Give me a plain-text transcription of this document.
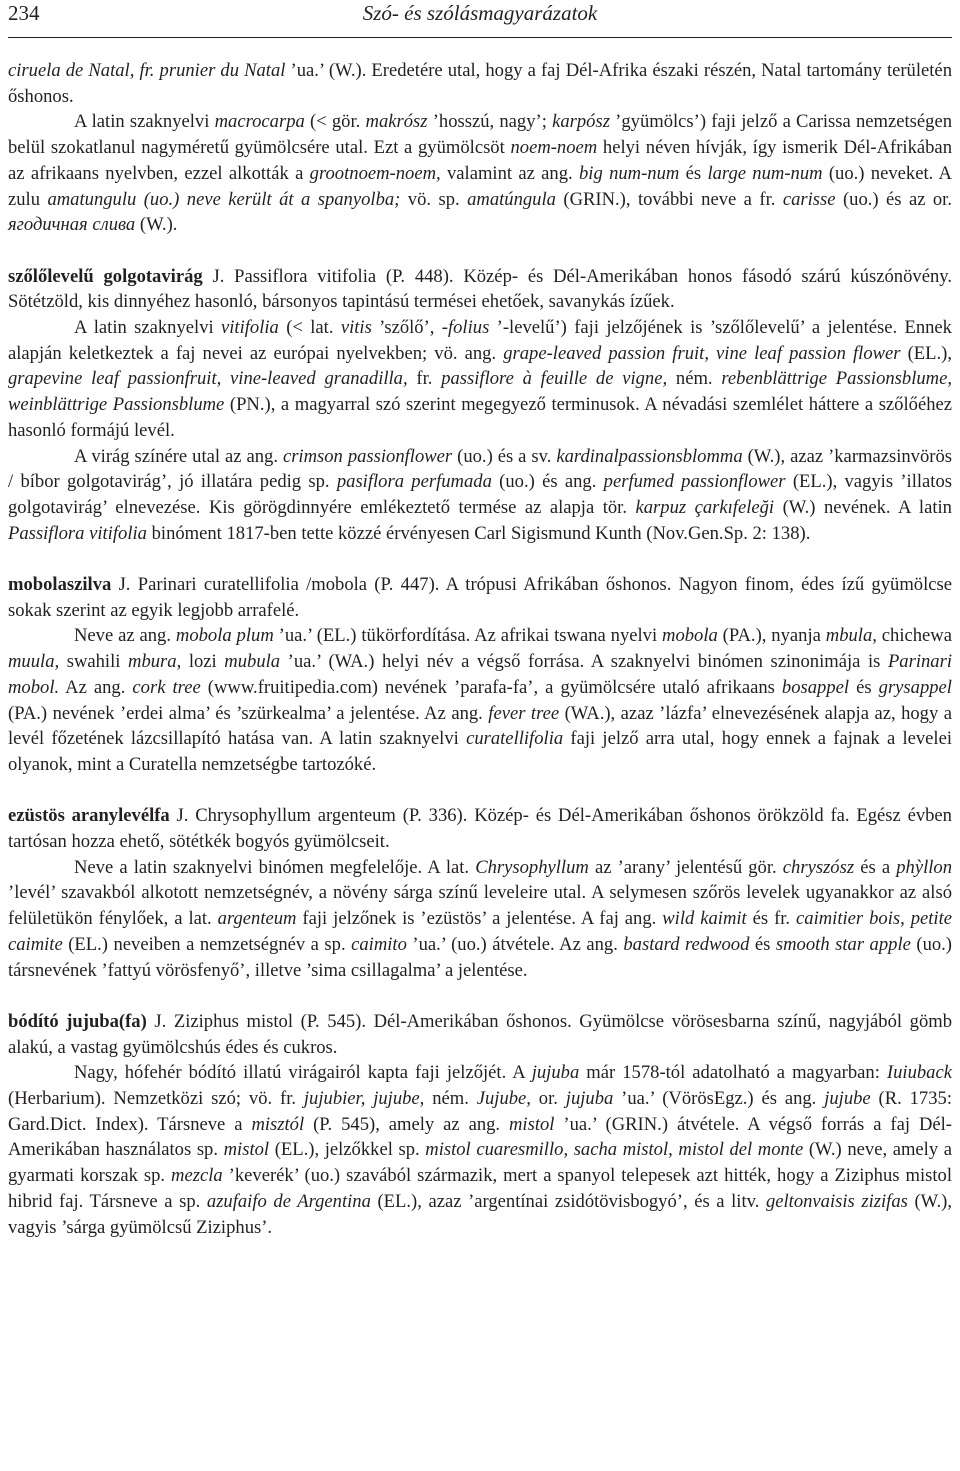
234	Szó- és szólásmagyarázatok

ciruela de Natal, fr. prunier du Natal ’ua.’ (W.). Eredetére utal, hogy a faj Dél-Afrika északi részén, Natal tartomány területén őshonos.

A latin szaknyelvi macrocarpa (< gör. makrósz ’hosszú, nagy’; karpósz ’gyümölcs’) faji jelző a Carissa nemzetségen belül szokatlanul nagyméretű gyümölcsére utal. Ezt a gyümölcsöt noem-noem helyi néven hívják, így ismerik Dél-Afrikában az afrikaans nyelvben, ezzel alkották a grootnoem-noem, valamint az ang. big num-num és large num-num (uo.) neveket. A zulu amatungulu (uo.) neve került át a spanyolba; vö. sp. amatúngula (GRIN.), további neve a fr. carisse (uo.) és az or. ягодичная слива (W.).

szőlőlevelű golgotavirág J. Passiflora vitifolia (P. 448). Közép- és Dél-Amerikában honos fásodó szárú kúszónövény. Sötétzöld, kis dinnyéhez hasonló, bársonyos tapintású termései ehetőek, savanykás ízűek.

A latin szaknyelvi vitifolia (< lat. vitis ’szőlő’, -folius ’-levelű’) faji jelzőjének is ’szőlőlevelű’ a jelentése. Ennek alapján keletkeztek a faj nevei az európai nyelvekben; vö. ang. grape-leaved passion fruit, vine leaf passion flower (EL.), grapevine leaf passionfruit, vine-leaved granadilla, fr. passiflore à feuille de vigne, ném. rebenblättrige Passionsblume, weinblättrige Passionsblume (PN.), a magyarral szó szerint megegyező terminusok. A névadási szemlélet háttere a szőlőéhez hasonló formájú levél.

A virág színére utal az ang. crimson passionflower (uo.) és a sv. kardinalpassionsblomma (W.), azaz ’karmazsinvörös / bíbor golgotavirág’, jó illatára pedig sp. pasiflora perfumada (uo.) és ang. perfumed passionflower (EL.), vagyis ’illatos golgotavirág’ elnevezése. Kis görögdinnyére emlékeztető termése az alapja tör. karpuz çarkıfeleği (W.) nevének. A latin Passiflora vitifolia binóment 1817-ben tette közzé érvényesen Carl Sigismund Kunth (Nov.Gen.Sp. 2: 138).

mobolaszilva J. Parinari curatellifolia /mobola (P. 447). A trópusi Afrikában őshonos. Nagyon finom, édes ízű gyümölcse sokak szerint az egyik legjobb arrafelé.

Neve az ang. mobola plum ’ua.’ (EL.) tükörfordítása. Az afrikai tswana nyelvi mobola (PA.), nyanja mbula, chichewa muula, swahili mbura, lozi mubula ’ua.’ (WA.) helyi név a végső forrása. A szaknyelvi binómen szinonimája is Parinari mobol. Az ang. cork tree (www.fruitipedia.com) nevének ’parafa-fa’, a gyümölcsére utaló afrikaans bosappel és grysappel (PA.) nevének ’erdei alma’ és ’szürkealma’ a jelentése. Az ang. fever tree (WA.), azaz ’lázfa’ elnevezésének alapja az, hogy a levél főzetének lázcsillapító hatása van. A latin szaknyelvi curatellifolia faji jelző arra utal, hogy ennek a fajnak a levelei olyanok, mint a Curatella nemzetségbe tartozóké.

ezüstös aranylevélfa J. Chrysophyllum argenteum (P. 336). Közép- és Dél-Amerikában őshonos örökzöld fa. Egész évben tartósan hozza ehető, sötétkék bogyós gyümölcseit.

Neve a latin szaknyelvi binómen megfelelője. A lat. Chrysophyllum az ’arany’ jelentésű gör. chryszósz és a phỳllon ’levél’ szavakból alkotott nemzetségnév, a növény sárga színű leveleire utal. A selymesen szőrös levelek ugyanakkor az alsó felületükön fénylőek, a lat. argenteum faji jelzőnek is ’ezüstös’ a jelentése. A faj ang. wild kaimit és fr. caimitier bois, petite caimite (EL.) neveiben a nemzetségnév a sp. caimito ’ua.’ (uo.) átvétele. Az ang. bastard redwood és smooth star apple (uo.) társnevének ’fattyú vörösfenyő’, illetve ’sima csillagalma’ a jelentése.

bódító jujuba(fa) J. Ziziphus mistol (P. 545). Dél-Amerikában őshonos. Gyümölcse vörösesbarna színű, nagyjából gömb alakú, a vastag gyümölcshús édes és cukros.

Nagy, hófehér bódító illatú virágairól kapta faji jelzőjét. A jujuba már 1578-tól adatolható a magyarban: Iuiuback (Herbarium). Nemzetközi szó; vö. fr. jujubier, jujube, ném. Jujube, or. jujuba ’ua.’ (VörösEgz.) és ang. jujube (R. 1735: Gard.Dict. Index). Társneve a misztól (P. 545), amely az ang. mistol ’ua.’ (GRIN.) átvétele. A végső forrás a faj Dél-Amerikában használatos sp. mistol (EL.), jelzőkkel sp. mistol cuaresmillo, sacha mistol, mistol del monte (W.) neve, amely a gyarmati korszak sp. mezcla ’keverék’ (uo.) szavából származik, mert a spanyol telepesek azt hitték, hogy a Ziziphus mistol hibrid faj. Társneve a sp. azufaifo de Argentina (EL.), azaz ’argentínai zsidótövisbogyó’, és a litv. geltonvaisis zizifas (W.), vagyis ’sárga gyümölcsű Ziziphus’.
